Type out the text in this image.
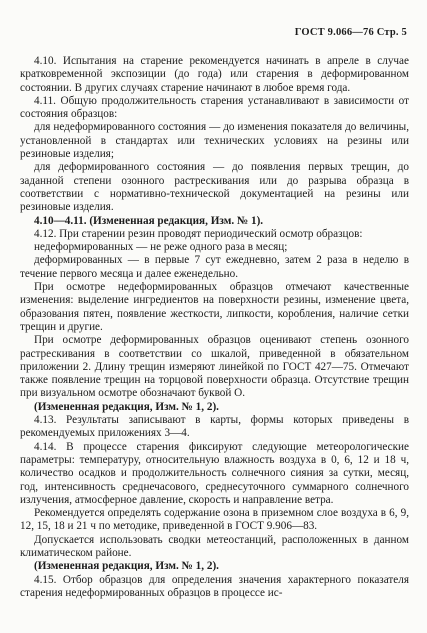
ГОСТ 9.066—76 Стр. 5

4.10. Испытания на старение рекомендуется начинать в апреле в случае кратковременной экспозиции (до года) или старения в деформированном состоянии. В других случаях старение начинают в любое время года.

4.11. Общую продолжительность старения устанавливают в зависимости от состояния образцов:

для недеформированного состояния — до изменения показателя до величины, установленной в стандартах или технических условиях на резины или резиновые изделия;

для деформированного состояния — до появления первых трещин, до заданной степени озонного растрескивания или до разрыва образца в соответствии с нормативно-технической документацией на резины или резиновые изделия.

4.10—4.11. (Измененная редакция, Изм. № 1).

4.12. При старении резин проводят периодический осмотр образцов:

недеформированных — не реже одного раза в месяц;

деформированных — в первые 7 сут ежедневно, затем 2 раза в неделю в течение первого месяца и далее еженедельно.

При осмотре недеформированных образцов отмечают качественные изменения: выделение ингредиентов на поверхности резины, изменение цвета, образования пятен, появление жесткости, липкости, коробления, наличие сетки трещин и другие.

При осмотре деформированных образцов оценивают степень озонного растрескивания в соответствии со шкалой, приведенной в обязательном приложении 2. Длину трещин измеряют линейкой по ГОСТ 427—75. Отмечают также появление трещин на торцовой поверхности образца. Отсутствие трещин при визуальном осмотре обозначают буквой О.

(Измененная редакция, Изм. № 1, 2).

4.13. Результаты записывают в карты, формы которых приведены в рекомендуемых приложениях 3—4.

4.14. В процессе старения фиксируют следующие метеорологические параметры: температуру, относительную влажность воздуха в 0, 6, 12 и 18 ч, количество осадков и продолжительность солнечного сияния за сутки, месяц, год, интенсивность среднечасового, среднесуточного суммарного солнечного излучения, атмосферное давление, скорость и направление ветра.

Рекомендуется определять содержание озона в приземном слое воздуха в 6, 9, 12, 15, 18 и 21 ч по методике, приведенной в ГОСТ 9.906—83.

Допускается использовать сводки метеостанций, расположенных в данном климатическом районе.

(Измененная редакция, Изм. № 1, 2).

4.15. Отбор образцов для определения значения характерного показателя старения недеформированных образцов в процессе ис-
